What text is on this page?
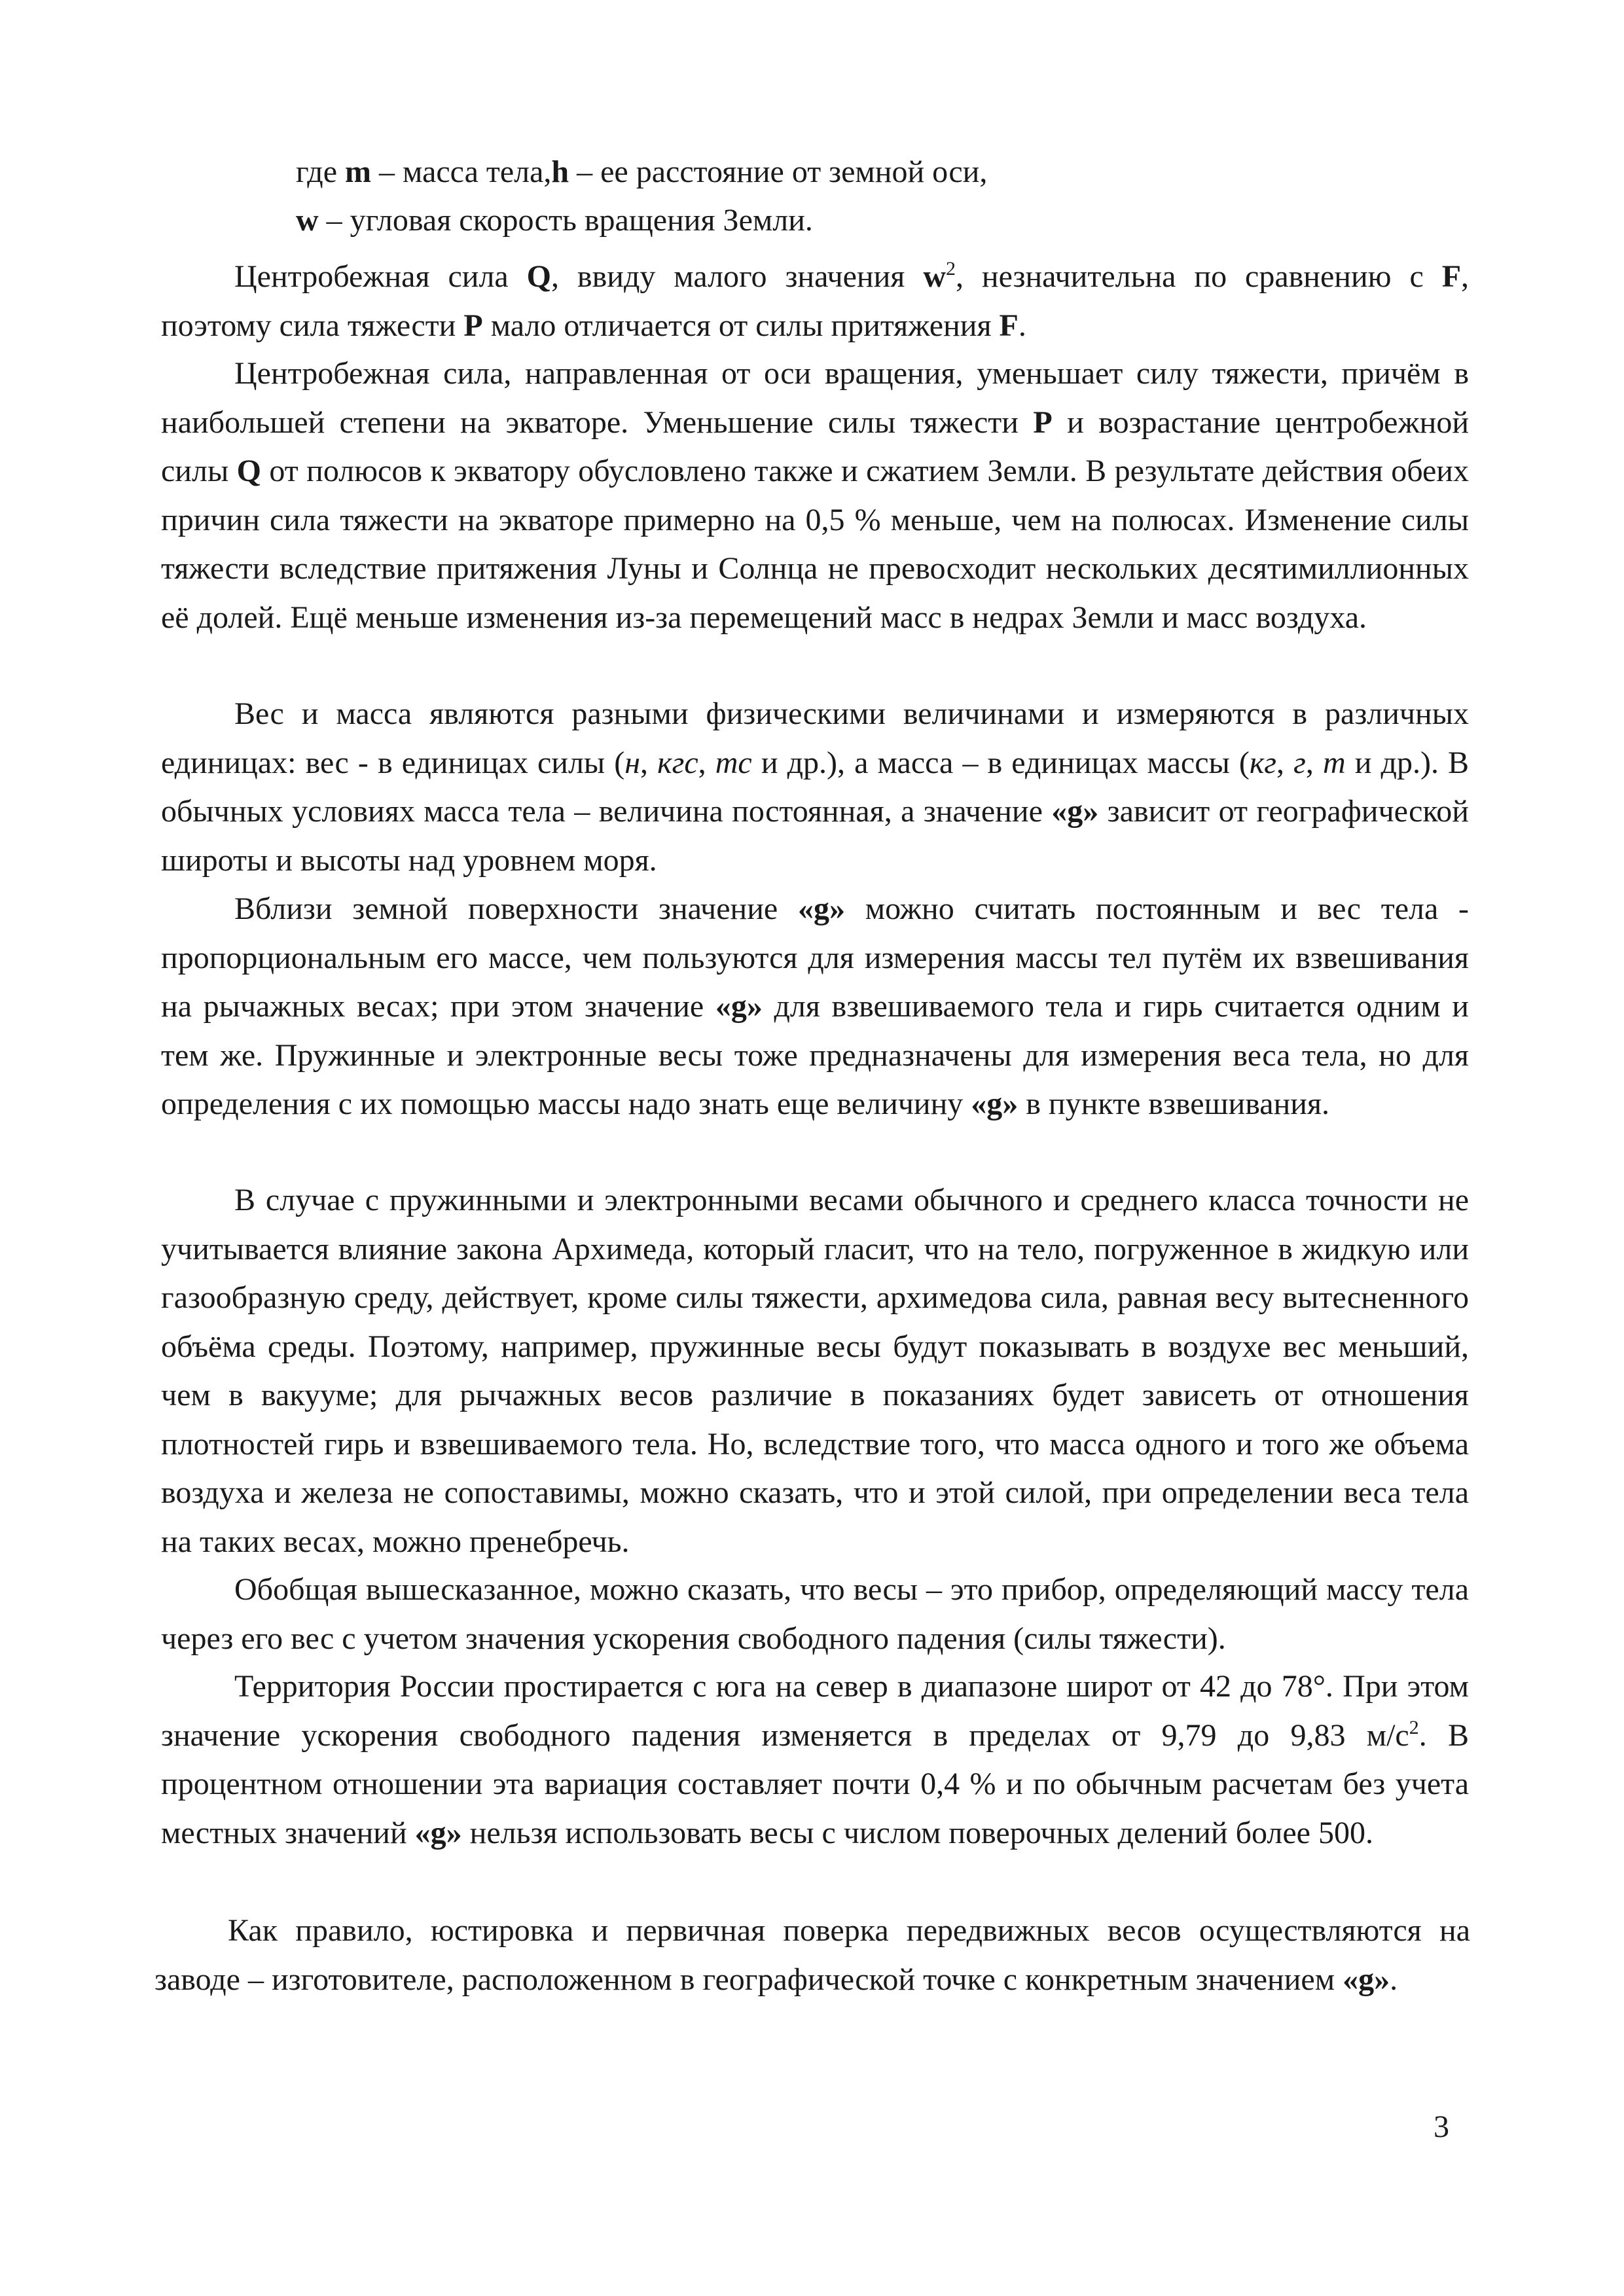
где m – масса тела,h – ее расстояние от земной оси,

w – угловая скорость вращения Земли.

Центробежная сила Q, ввиду малого значения $w^2$, незначительна по сравнению с F, поэтому сила тяжести P мало отличается от силы притяжения F.

Центробежная сила, направленная от оси вращения, уменьшает силу тяжести, причём в наибольшей степени на экваторе. Уменьшение силы тяжести P и возрастание центробежной силы Q от полюсов к экватору обусловлено также и сжатием Земли. В результате действия обеих причин сила тяжести на экваторе примерно на 0,5 % меньше, чем на полюсах. Изменение силы тяжести вследствие притяжения Луны и Солнца не превосходит нескольких десятимиллионных её долей. Ещё меньше изменения из-за перемещений масс в недрах Земли и масс воздуха.

Вес и масса являются разными физическими величинами и измеряются в различных единицах: вес - в единицах силы (н, кгс, тс и др.), а масса – в единицах массы (кг, г, т и др.). В обычных условиях масса тела – величина постоянная, а значение «g» зависит от географической широты и высоты над уровнем моря.

Вблизи земной поверхности значение «g» можно считать постоянным и вес тела - пропорциональным его массе, чем пользуются для измерения массы тел путём их взвешивания на рычажных весах; при этом значение «g» для взвешиваемого тела и гирь считается одним и тем же. Пружинные и электронные весы тоже предназначены для измерения веса тела, но для определения с их помощью массы надо знать еще величину «g» в пункте взвешивания.

В случае с пружинными и электронными весами обычного и среднего класса точности не учитывается влияние закона Архимеда, который гласит, что на тело, погруженное в жидкую или газообразную среду, действует, кроме силы тяжести, архимедова сила, равная весу вытесненного объёма среды. Поэтому, например, пружинные весы будут показывать в воздухе вес меньший, чем в вакууме; для рычажных весов различие в показаниях будет зависеть от отношения плотностей гирь и взвешиваемого тела. Но, вследствие того, что масса одного и того же объема воздуха и железа не сопоставимы, можно сказать, что и этой силой, при определении веса тела на таких весах, можно пренебречь.

Обобщая вышесказанное, можно сказать, что весы – это прибор, определяющий массу тела через его вес с учетом значения ускорения свободного падения (силы тяжести).

Территория России простирается с юга на север в диапазоне широт от 42 до 78°. При этом значение ускорения свободного падения изменяется в пределах от 9,79 до 9,83 $м/с^2$. В процентном отношении эта вариация составляет почти 0,4 % и по обычным расчетам без учета местных значений «g» нельзя использовать весы с числом поверочных делений более 500.

Как правило, юстировка и первичная поверка передвижных весов осуществляются на заводе – изготовителе, расположенном в географической точке с конкретным значением «g».

3
